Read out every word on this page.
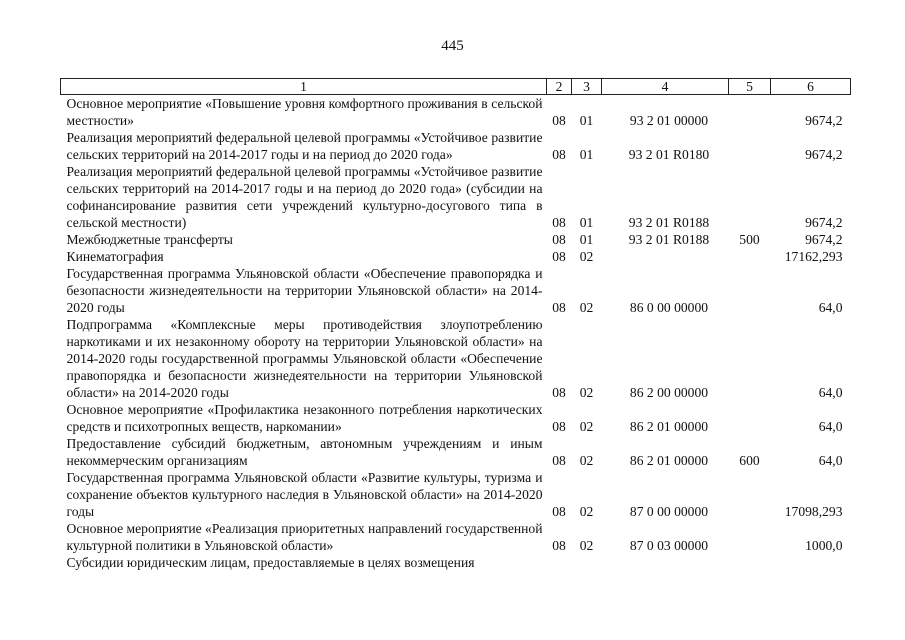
445
1	2	3	4	5	6
Основное мероприятие «Повышение уровня комфортного проживания в сельской местности»	08	01	93 2 01 00000		9674,2
Реализация мероприятий федеральной целевой программы «Устойчивое развитие сельских территорий на 2014-2017 годы и на период до 2020 года»	08	01	93 2 01 R0180		9674,2
Реализация мероприятий федеральной целевой программы «Устойчивое развитие сельских территорий на 2014-2017 годы и на период до 2020 года» (субсидии на софинансирование развития сети учреждений культурно-досугового типа в сельской местности)	08	01	93 2 01 R0188		9674,2
Межбюджетные трансферты	08	01	93 2 01 R0188	500	9674,2
Кинематография	08	02			17162,293
Государственная программа Ульяновской области «Обеспечение правопорядка и безопасности жизнедеятельности на территории Ульяновской области» на 2014-2020 годы	08	02	86 0 00 00000		64,0
Подпрограмма «Комплексные меры противодействия злоупотреблению наркотиками и их незаконному обороту на территории Ульяновской области» на 2014-2020 годы государственной программы Ульяновской области «Обеспечение правопорядка и безопасности жизнедеятельности на территории Ульяновской области» на 2014-2020 годы	08	02	86 2 00 00000		64,0
Основное мероприятие «Профилактика незаконного потребления наркотических средств и психотропных веществ, наркомании»	08	02	86 2 01 00000		64,0
Предоставление субсидий бюджетным, автономным учреждениям и иным некоммерческим организациям	08	02	86 2 01 00000	600	64,0
Государственная программа Ульяновской области «Развитие культуры, туризма и сохранение объектов культурного наследия в Ульяновской области» на 2014-2020 годы	08	02	87 0 00 00000		17098,293
Основное мероприятие «Реализация приоритетных направлений государственной культурной политики в Ульяновской области»	08	02	87 0 03 00000		1000,0
Субсидии юридическим лицам, предоставляемые в целях возмещения					
